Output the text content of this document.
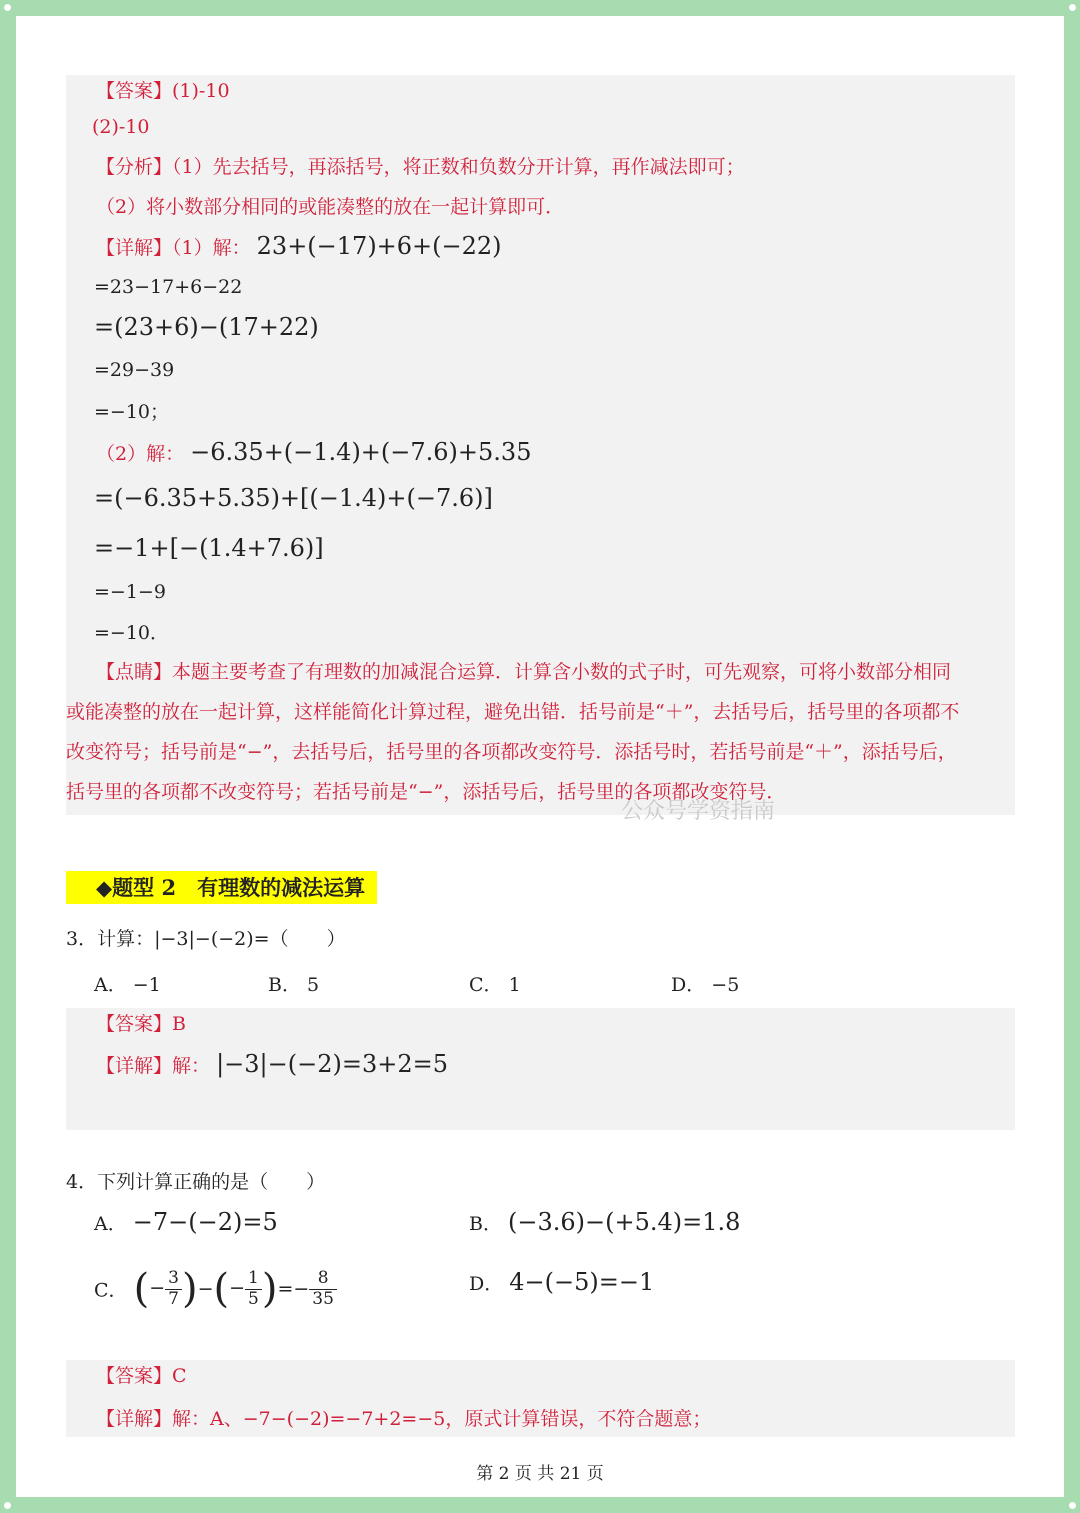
【答案】(1)-10
(2)-10
【分析】（1）先去括号，再添括号，将正数和负数分开计算，再作减法即可；
（2）将小数部分相同的或能凑整的放在一起计算即可．
【详解】（1）解： 23+(−17)+6+(−22)
=23−17+6−22
=(23+6)−(17+22)
=29−39
=−10；
（2）解： −6.35+(−1.4)+(−7.6)+5.35
=(−6.35+5.35)+[(−1.4)+(−7.6)]
=−1+[−(1.4+7.6)]
=−1−9
=−10．
【点睛】本题主要考查了有理数的加减混合运算．计算含小数的式子时，可先观察，可将小数部分相同
或能凑整的放在一起计算，这样能简化计算过程，避免出错．括号前是“＋”，去括号后，括号里的各项都不
改变符号；括号前是“−”，去括号后，括号里的各项都改变符号．添括号时，若括号前是“＋”，添括号后，
括号里的各项都不改变符号；若括号前是“−”，添括号后，括号里的各项都改变符号．
公众号学资指南
◆题型 2　有理数的减法运算
3．计算：|−3|−(−2)=（　　）
A． −1	B． 5	C． 1	D． −5
【答案】B
【详解】解： |−3|−(−2)=3+2=5
4．下列计算正确的是（　　）
A． −7−(−2)=5	B． (−3.6)−(+5.4)=1.8
C． (− $\frac{3}{7}$ )−(− $\frac{1}{5}$ )=− $\frac{8}{35}$	D． 4−(−5)=−1
【答案】C
【详解】解：A、−7−(−2)=−7+2=−5，原式计算错误，不符合题意；
第 2 页 共 21 页
